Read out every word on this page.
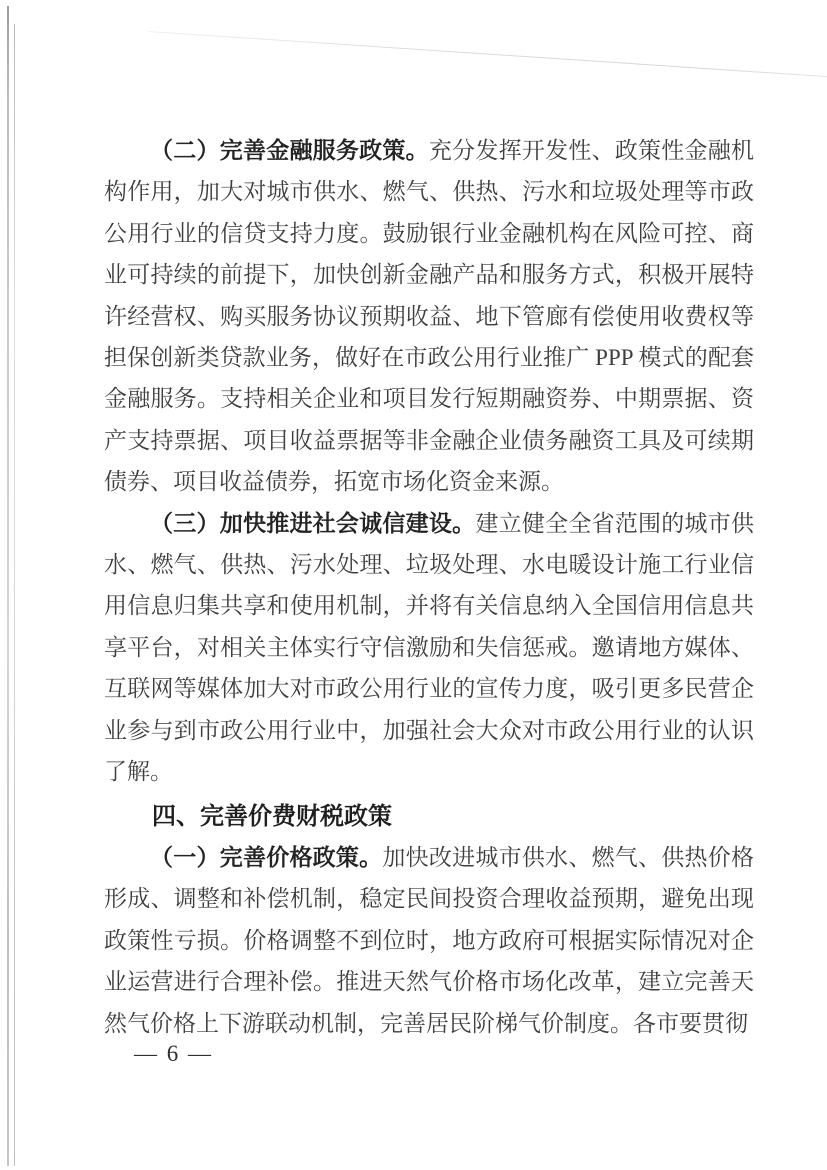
（二）完善金融服务政策。充分发挥开发性、政策性金融机构作用，加大对城市供水、燃气、供热、污水和垃圾处理等市政公用行业的信贷支持力度。鼓励银行业金融机构在风险可控、商业可持续的前提下，加快创新金融产品和服务方式，积极开展特许经营权、购买服务协议预期收益、地下管廊有偿使用收费权等担保创新类贷款业务，做好在市政公用行业推广 PPP 模式的配套金融服务。支持相关企业和项目发行短期融资券、中期票据、资产支持票据、项目收益票据等非金融企业债务融资工具及可续期债券、项目收益债券，拓宽市场化资金来源。

（三）加快推进社会诚信建设。建立健全全省范围的城市供水、燃气、供热、污水处理、垃圾处理、水电暖设计施工行业信用信息归集共享和使用机制，并将有关信息纳入全国信用信息共享平台，对相关主体实行守信激励和失信惩戒。邀请地方媒体、互联网等媒体加大对市政公用行业的宣传力度，吸引更多民营企业参与到市政公用行业中，加强社会大众对市政公用行业的认识了解。

四、完善价费财税政策

（一）完善价格政策。加快改进城市供水、燃气、供热价格形成、调整和补偿机制，稳定民间投资合理收益预期，避免出现政策性亏损。价格调整不到位时，地方政府可根据实际情况对企业运营进行合理补偿。推进天然气价格市场化改革，建立完善天然气价格上下游联动机制，完善居民阶梯气价制度。各市要贯彻

— 6 —
